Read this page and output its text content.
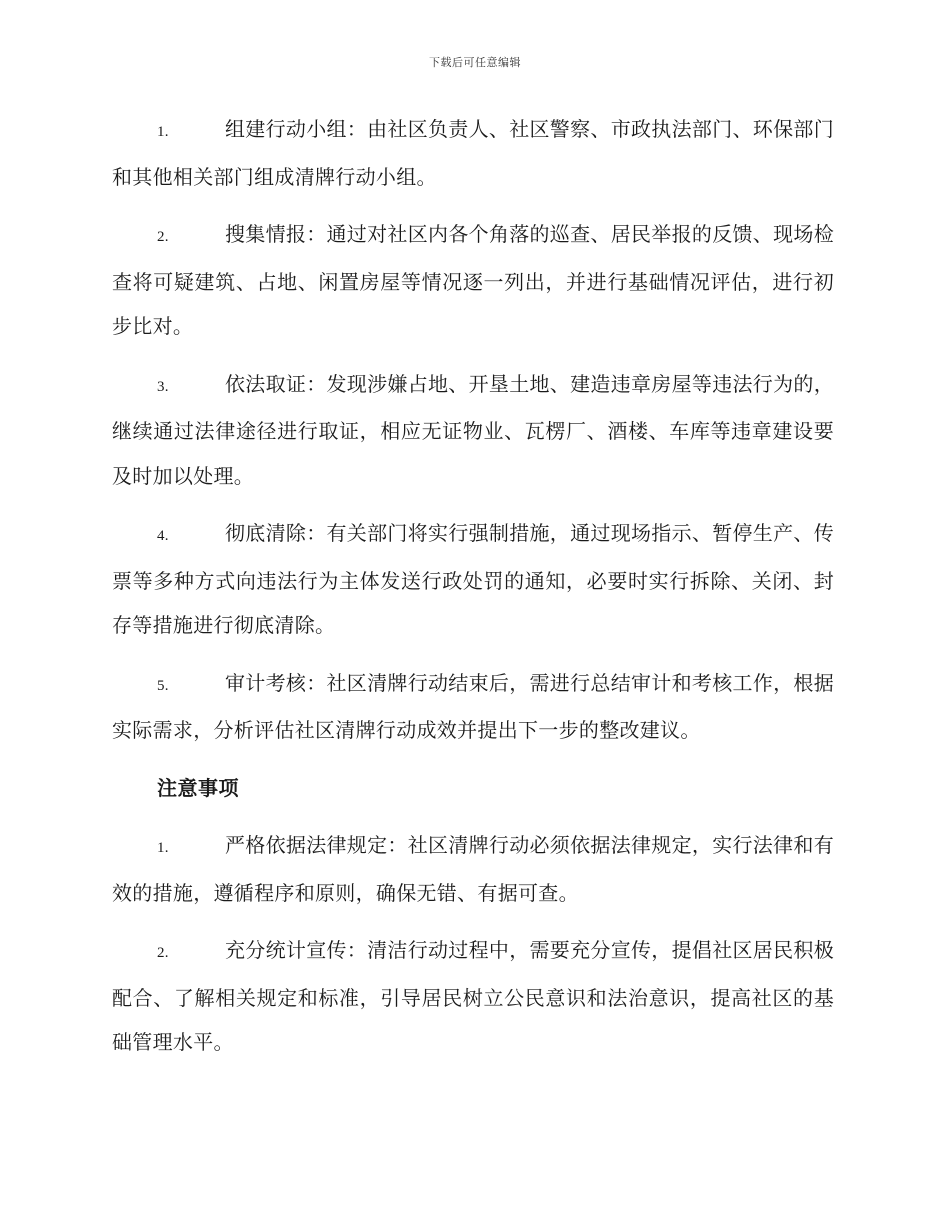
下载后可任意编辑

1.	组建行动小组：由社区负责人、社区警察、市政执法部门、环保部门和其他相关部门组成清牌行动小组。

2.	搜集情报：通过对社区内各个角落的巡查、居民举报的反馈、现场检查将可疑建筑、占地、闲置房屋等情况逐一列出，并进行基础情况评估，进行初步比对。

3.	依法取证：发现涉嫌占地、开垦土地、建造违章房屋等违法行为的，继续通过法律途径进行取证，相应无证物业、瓦楞厂、酒楼、车库等违章建设要及时加以处理。

4.	彻底清除：有关部门将实行强制措施，通过现场指示、暂停生产、传票等多种方式向违法行为主体发送行政处罚的通知，必要时实行拆除、关闭、封存等措施进行彻底清除。

5.	审计考核：社区清牌行动结束后，需进行总结审计和考核工作，根据实际需求，分析评估社区清牌行动成效并提出下一步的整改建议。

注意事项

1.	严格依据法律规定：社区清牌行动必须依据法律规定，实行法律和有效的措施，遵循程序和原则，确保无错、有据可查。

2.	充分统计宣传：清洁行动过程中，需要充分宣传，提倡社区居民积极配合、了解相关规定和标准，引导居民树立公民意识和法治意识，提高社区的基础管理水平。
